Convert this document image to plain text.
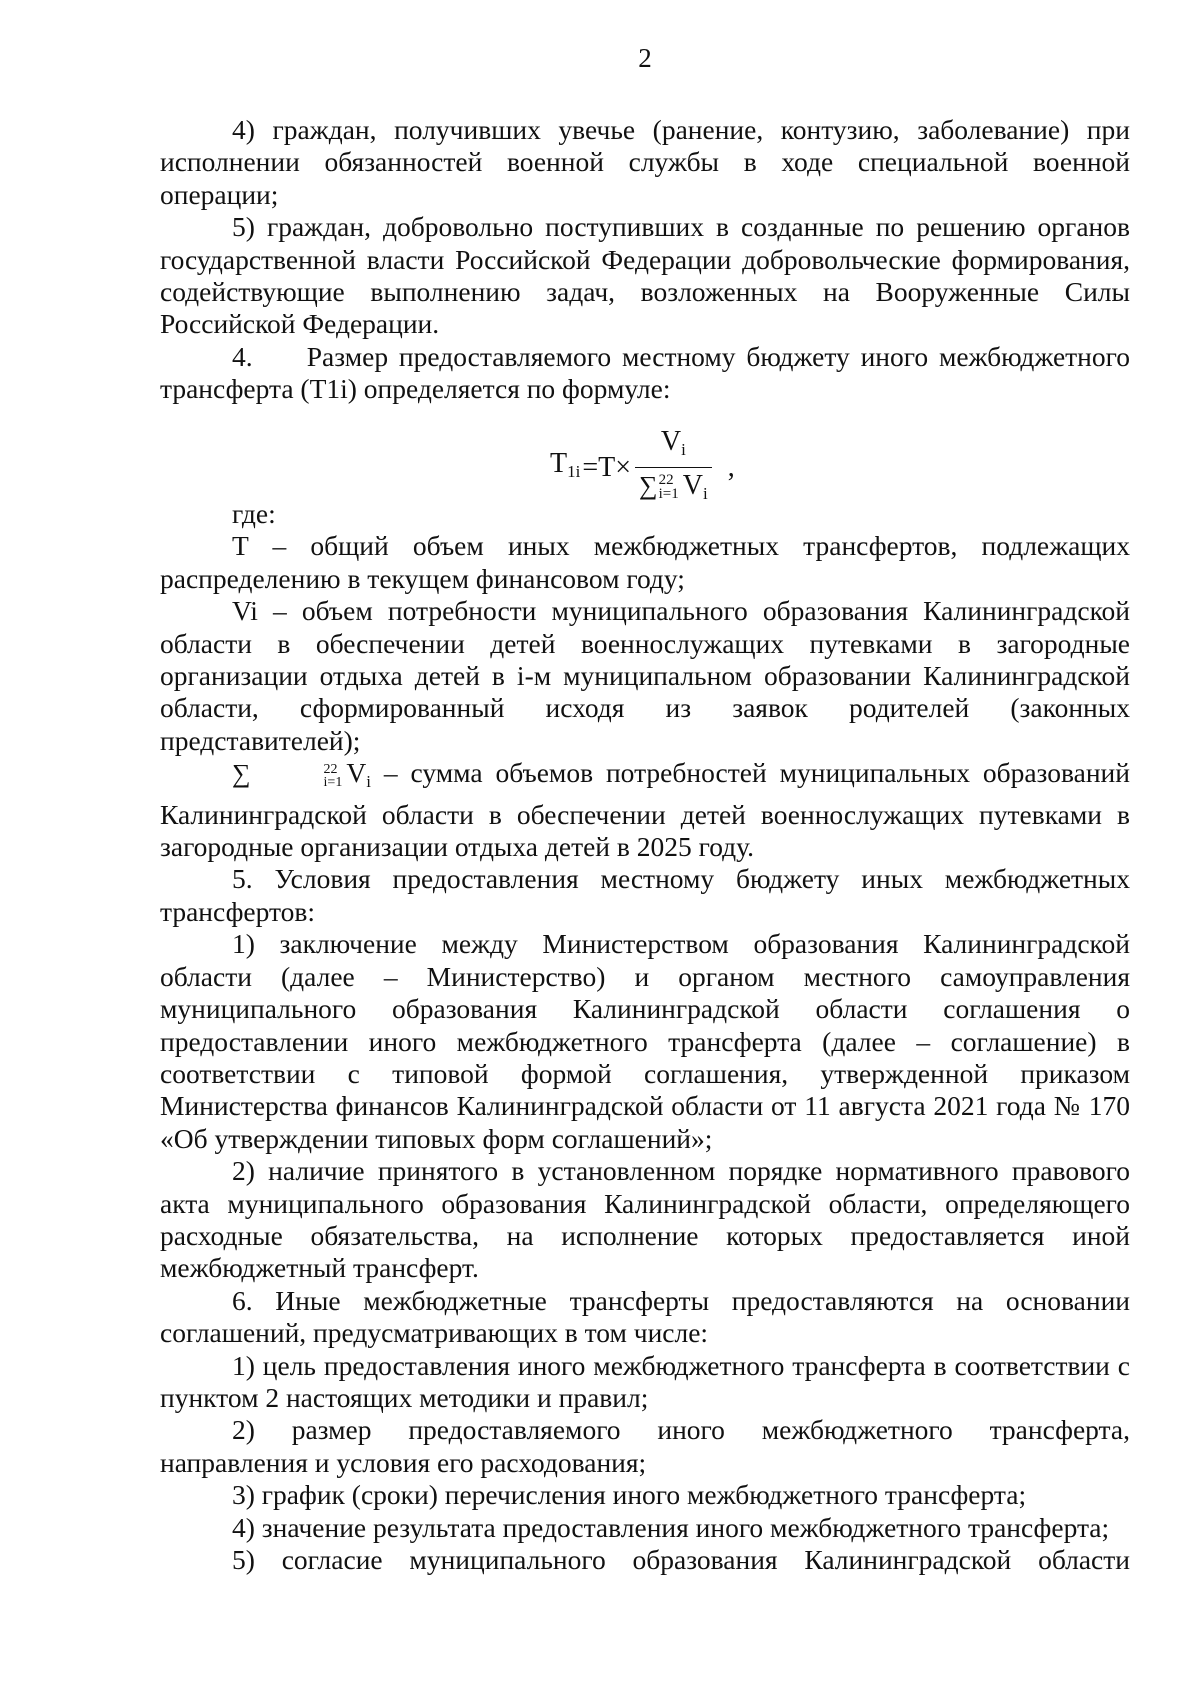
2

4) граждан, получивших увечье (ранение, контузию, заболевание) при исполнении обязанностей военной службы в ходе специальной военной операции;

5) граждан, добровольно поступивших в созданные по решению органов государственной власти Российской Федерации добровольческие формирования, содействующие выполнению задач, возложенных на Вооруженные Силы Российской Федерации.

4.     Размер предоставляемого местному бюджету иного межбюджетного трансферта (T1i) определяется по формуле:

$T_{1i} =T\times V_i$
∑ 22
i=1 $V_i$ ,

где:

T – общий объем иных межбюджетных трансфертов, подлежащих распределению в текущем финансовом году;

Vi – объем потребности муниципального образования Калининградской области в обеспечении детей военнослужащих путевками в загородные организации отдыха детей в i-м муниципальном образовании Калининградской области, сформированный исходя из заявок родителей (законных представителей);

∑	22
i=1 $V_i$ – сумма объемов потребностей муниципальных образований Калининградской области в обеспечении детей военнослужащих путевками в загородные организации отдыха детей в 2025 году.

5. Условия предоставления местному бюджету иных межбюджетных трансфертов:

1) заключение между Министерством образования Калининградской области (далее – Министерство) и органом местного самоуправления муниципального образования Калининградской области соглашения о предоставлении иного межбюджетного трансферта (далее – соглашение) в соответствии с типовой формой соглашения, утвержденной приказом Министерства финансов Калининградской области от 11 августа 2021 года № 170 «Об утверждении типовых форм соглашений»;

2) наличие принятого в установленном порядке нормативного правового акта муниципального образования Калининградской области, определяющего расходные обязательства, на исполнение которых предоставляется иной межбюджетный трансферт.

6. Иные межбюджетные трансферты предоставляются на основании соглашений, предусматривающих в том числе:

1) цель предоставления иного межбюджетного трансферта в соответствии с пунктом 2 настоящих методики и правил;

2) размер предоставляемого иного межбюджетного трансферта, направления и условия его расходования;

3) график (сроки) перечисления иного межбюджетного трансферта;

4) значение результата предоставления иного межбюджетного трансферта;

5) согласие муниципального образования Калининградской области
